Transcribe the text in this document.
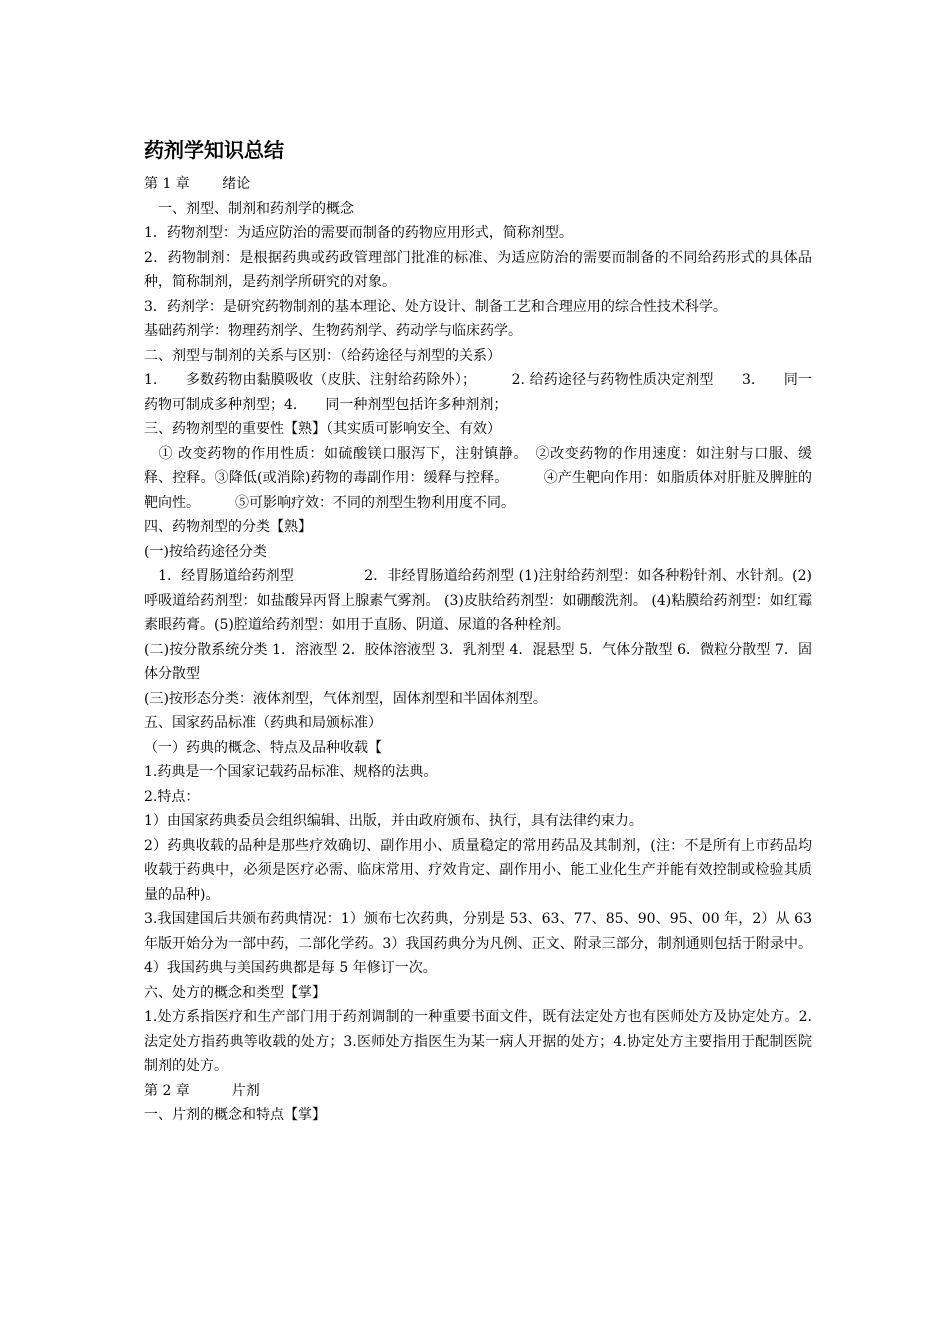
药剂学知识总结

第 1 章　　 绪论

　一、剂型、制剂和药剂学的概念

1．药物剂型：为适应防治的需要而制备的药物应用形式，简称剂型。

2．药物制剂：是根据药典或药政管理部门批准的标准、为适应防治的需要而制备的不同给药形式的具体品种，简称制剂，是药剂学所研究的对象。

3．药剂学：是研究药物制剂的基本理论、处方设计、制备工艺和合理应用的综合性技术科学。

基础药剂学：物理药剂学、生物药剂学、药动学与临床药学。

二、剂型与制剂的关系与区别：（给药途径与剂型的关系）

1.　　多数药物由黏膜吸收（皮肤、注射给药除外）；　　　2. 给药途径与药物性质决定剂型　　3.　　同一药物可制成多种剂型；4.　　同一种剂型包括许多种剂剂；

三、药物剂型的重要性【熟】（其实质可影响安全、有效）

　① 改变药物的作用性质：如硫酸镁口服泻下，注射镇静。　②改变药物的作用速度：如注射与口服、缓释、控释。③降低(或消除)药物的毒副作用：缓释与控释。　　　④产生靶向作用：如脂质体对肝脏及脾脏的靶向性。　　　⑤可影响疗效：不同的剂型生物利用度不同。

四、药物剂型的分类【熟】

(一)按给药途径分类

　1．经胃肠道给药剂型　　　　　2．非经胃肠道给药剂型 (1)注射给药剂型：如各种粉针剂、水针剂。(2)呼吸道给药剂型：如盐酸异丙肾上腺素气雾剂。 (3)皮肤给药剂型：如硼酸洗剂。 (4)粘膜给药剂型：如红霉素眼药膏。(5)腔道给药剂型：如用于直肠、阴道、尿道的各种栓剂。

(二)按分散系统分类 1．溶液型 2．胶体溶液型 3．乳剂型 4．混悬型 5．气体分散型 6．微粒分散型 7．固体分散型

(三)按形态分类：液体剂型，气体剂型，固体剂型和半固体剂型。

五、国家药品标准（药典和局颁标准）

（一）药典的概念、特点及品种收载【

1.药典是一个国家记载药品标准、规格的法典。

2.特点：

1）由国家药典委员会组织编辑、出版，并由政府颁布、执行，具有法律约束力。

2）药典收载的品种是那些疗效确切、副作用小、质量稳定的常用药品及其制剂，(注：不是所有上市药品均收载于药典中，必须是医疗必需、临床常用、疗效肯定、副作用小、能工业化生产并能有效控制或检验其质量的品种)。

3.我国建国后共颁布药典情况：1）颁布七次药典，分别是 53、63、77、85、90、95、00 年，2）从 63 年版开始分为一部中药，二部化学药。3）我国药典分为凡例、正文、附录三部分，制剂通则包括于附录中。4）我国药典与美国药典都是每 5 年修订一次。

六、处方的概念和类型【掌】

1.处方系指医疗和生产部门用于药剂调制的一种重要书面文件，既有法定处方也有医师处方及协定处方。2.法定处方指药典等收载的处方；3.医师处方指医生为某一病人开据的处方；4.协定处方主要指用于配制医院制剂的处方。

第 2 章　　　片剂

一、片剂的概念和特点【掌】
